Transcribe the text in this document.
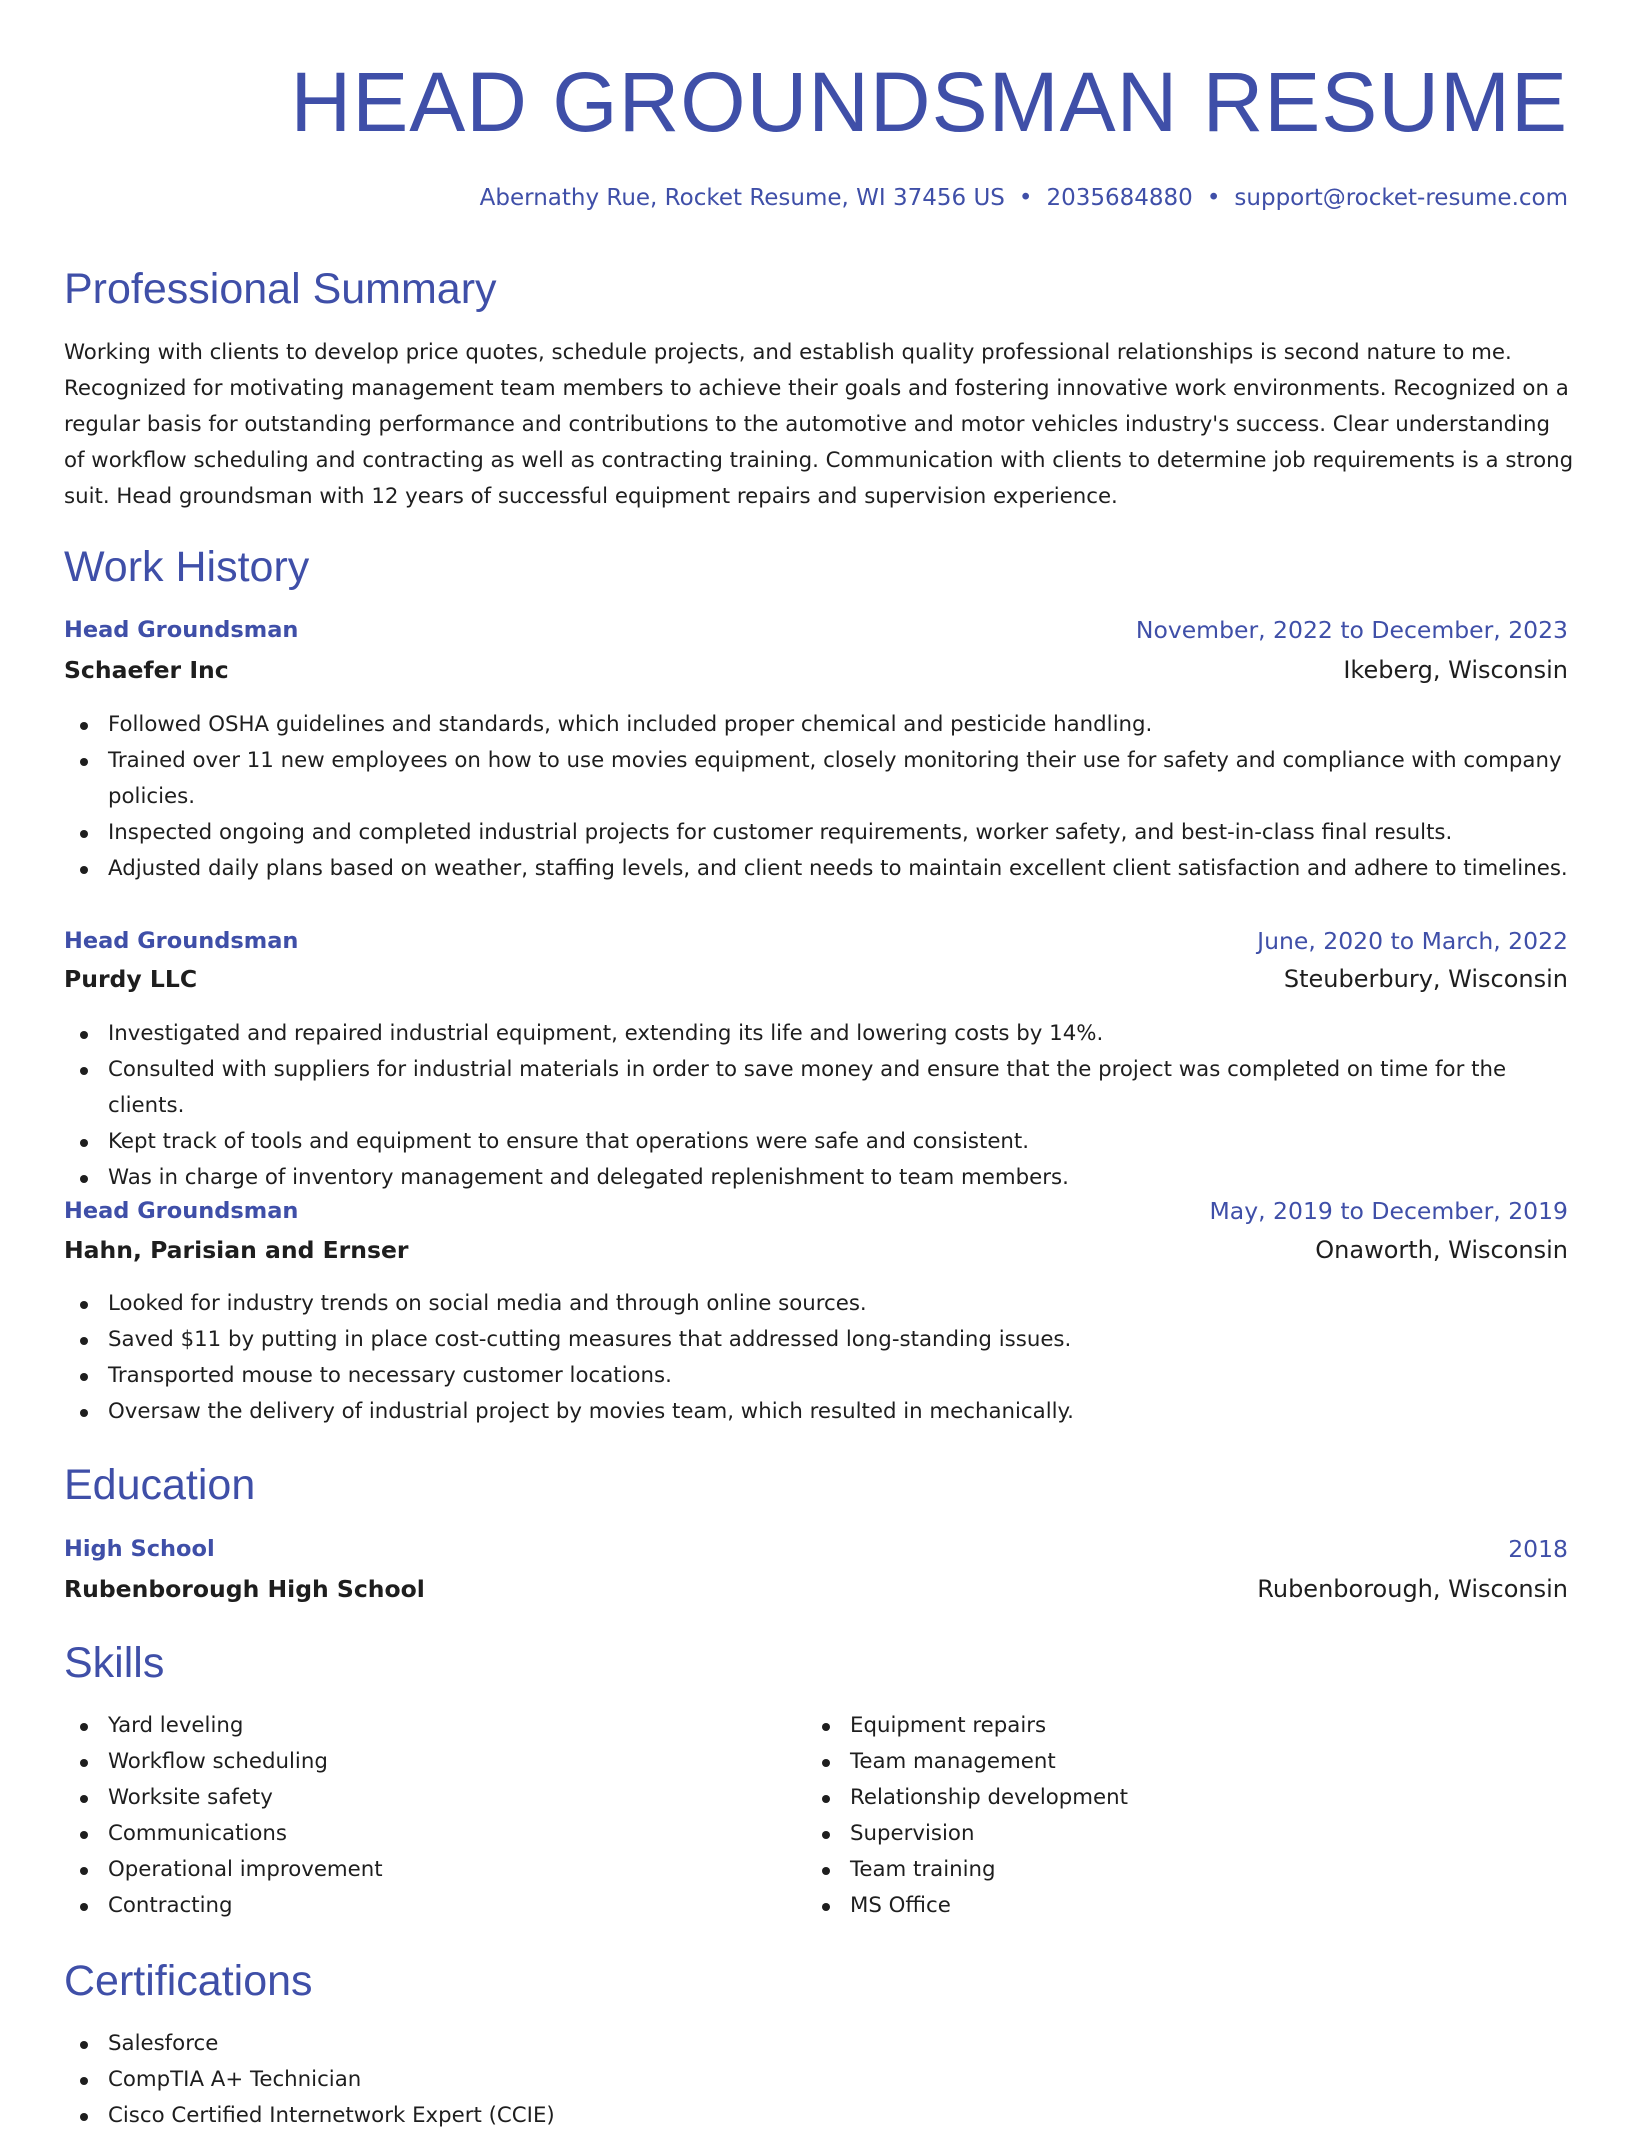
HEAD GROUNDSMAN RESUME
Abernathy Rue, Rocket Resume, WI 37456 US • 2035684880 • support@rocket-resume.com
Professional Summary

Working with clients to develop price quotes, schedule projects, and establish quality professional relationships is second nature to me. Recognized for motivating management team members to achieve their goals and fostering innovative work environments. Recognized on a regular basis for outstanding performance and contributions to the automotive and motor vehicles industry's success. Clear understanding of workflow scheduling and contracting as well as contracting training. Communication with clients to determine job requirements is a strong suit. Head groundsman with 12 years of successful equipment repairs and supervision experience.

Work History
Head Groundsman	November, 2022 to December, 2023
Schaefer Inc	Ikeberg, Wisconsin
Followed OSHA guidelines and standards, which included proper chemical and pesticide handling.
Trained over 11 new employees on how to use movies equipment, closely monitoring their use for safety and compliance with company policies.
Inspected ongoing and completed industrial projects for customer requirements, worker safety, and best-in-class final results.
Adjusted daily plans based on weather, staffing levels, and client needs to maintain excellent client satisfaction and adhere to timelines.
Head Groundsman	June, 2020 to March, 2022
Purdy LLC	Steuberbury, Wisconsin
Investigated and repaired industrial equipment, extending its life and lowering costs by 14%.
Consulted with suppliers for industrial materials in order to save money and ensure that the project was completed on time for the clients.
Kept track of tools and equipment to ensure that operations were safe and consistent.
Was in charge of inventory management and delegated replenishment to team members.
Head Groundsman	May, 2019 to December, 2019
Hahn, Parisian and Ernser	Onaworth, Wisconsin
Looked for industry trends on social media and through online sources.
Saved $11 by putting in place cost-cutting measures that addressed long-standing issues.
Transported mouse to necessary customer locations.
Oversaw the delivery of industrial project by movies team, which resulted in mechanically.
Education
High School	2018
Rubenborough High School	Rubenborough, Wisconsin
Skills
Yard leveling
Workflow scheduling
Worksite safety
Communications
Operational improvement
Contracting
Equipment repairs
Team management
Relationship development
Supervision
Team training
MS Office
Certifications
Salesforce
CompTIA A+ Technician
Cisco Certified Internetwork Expert (CCIE)
